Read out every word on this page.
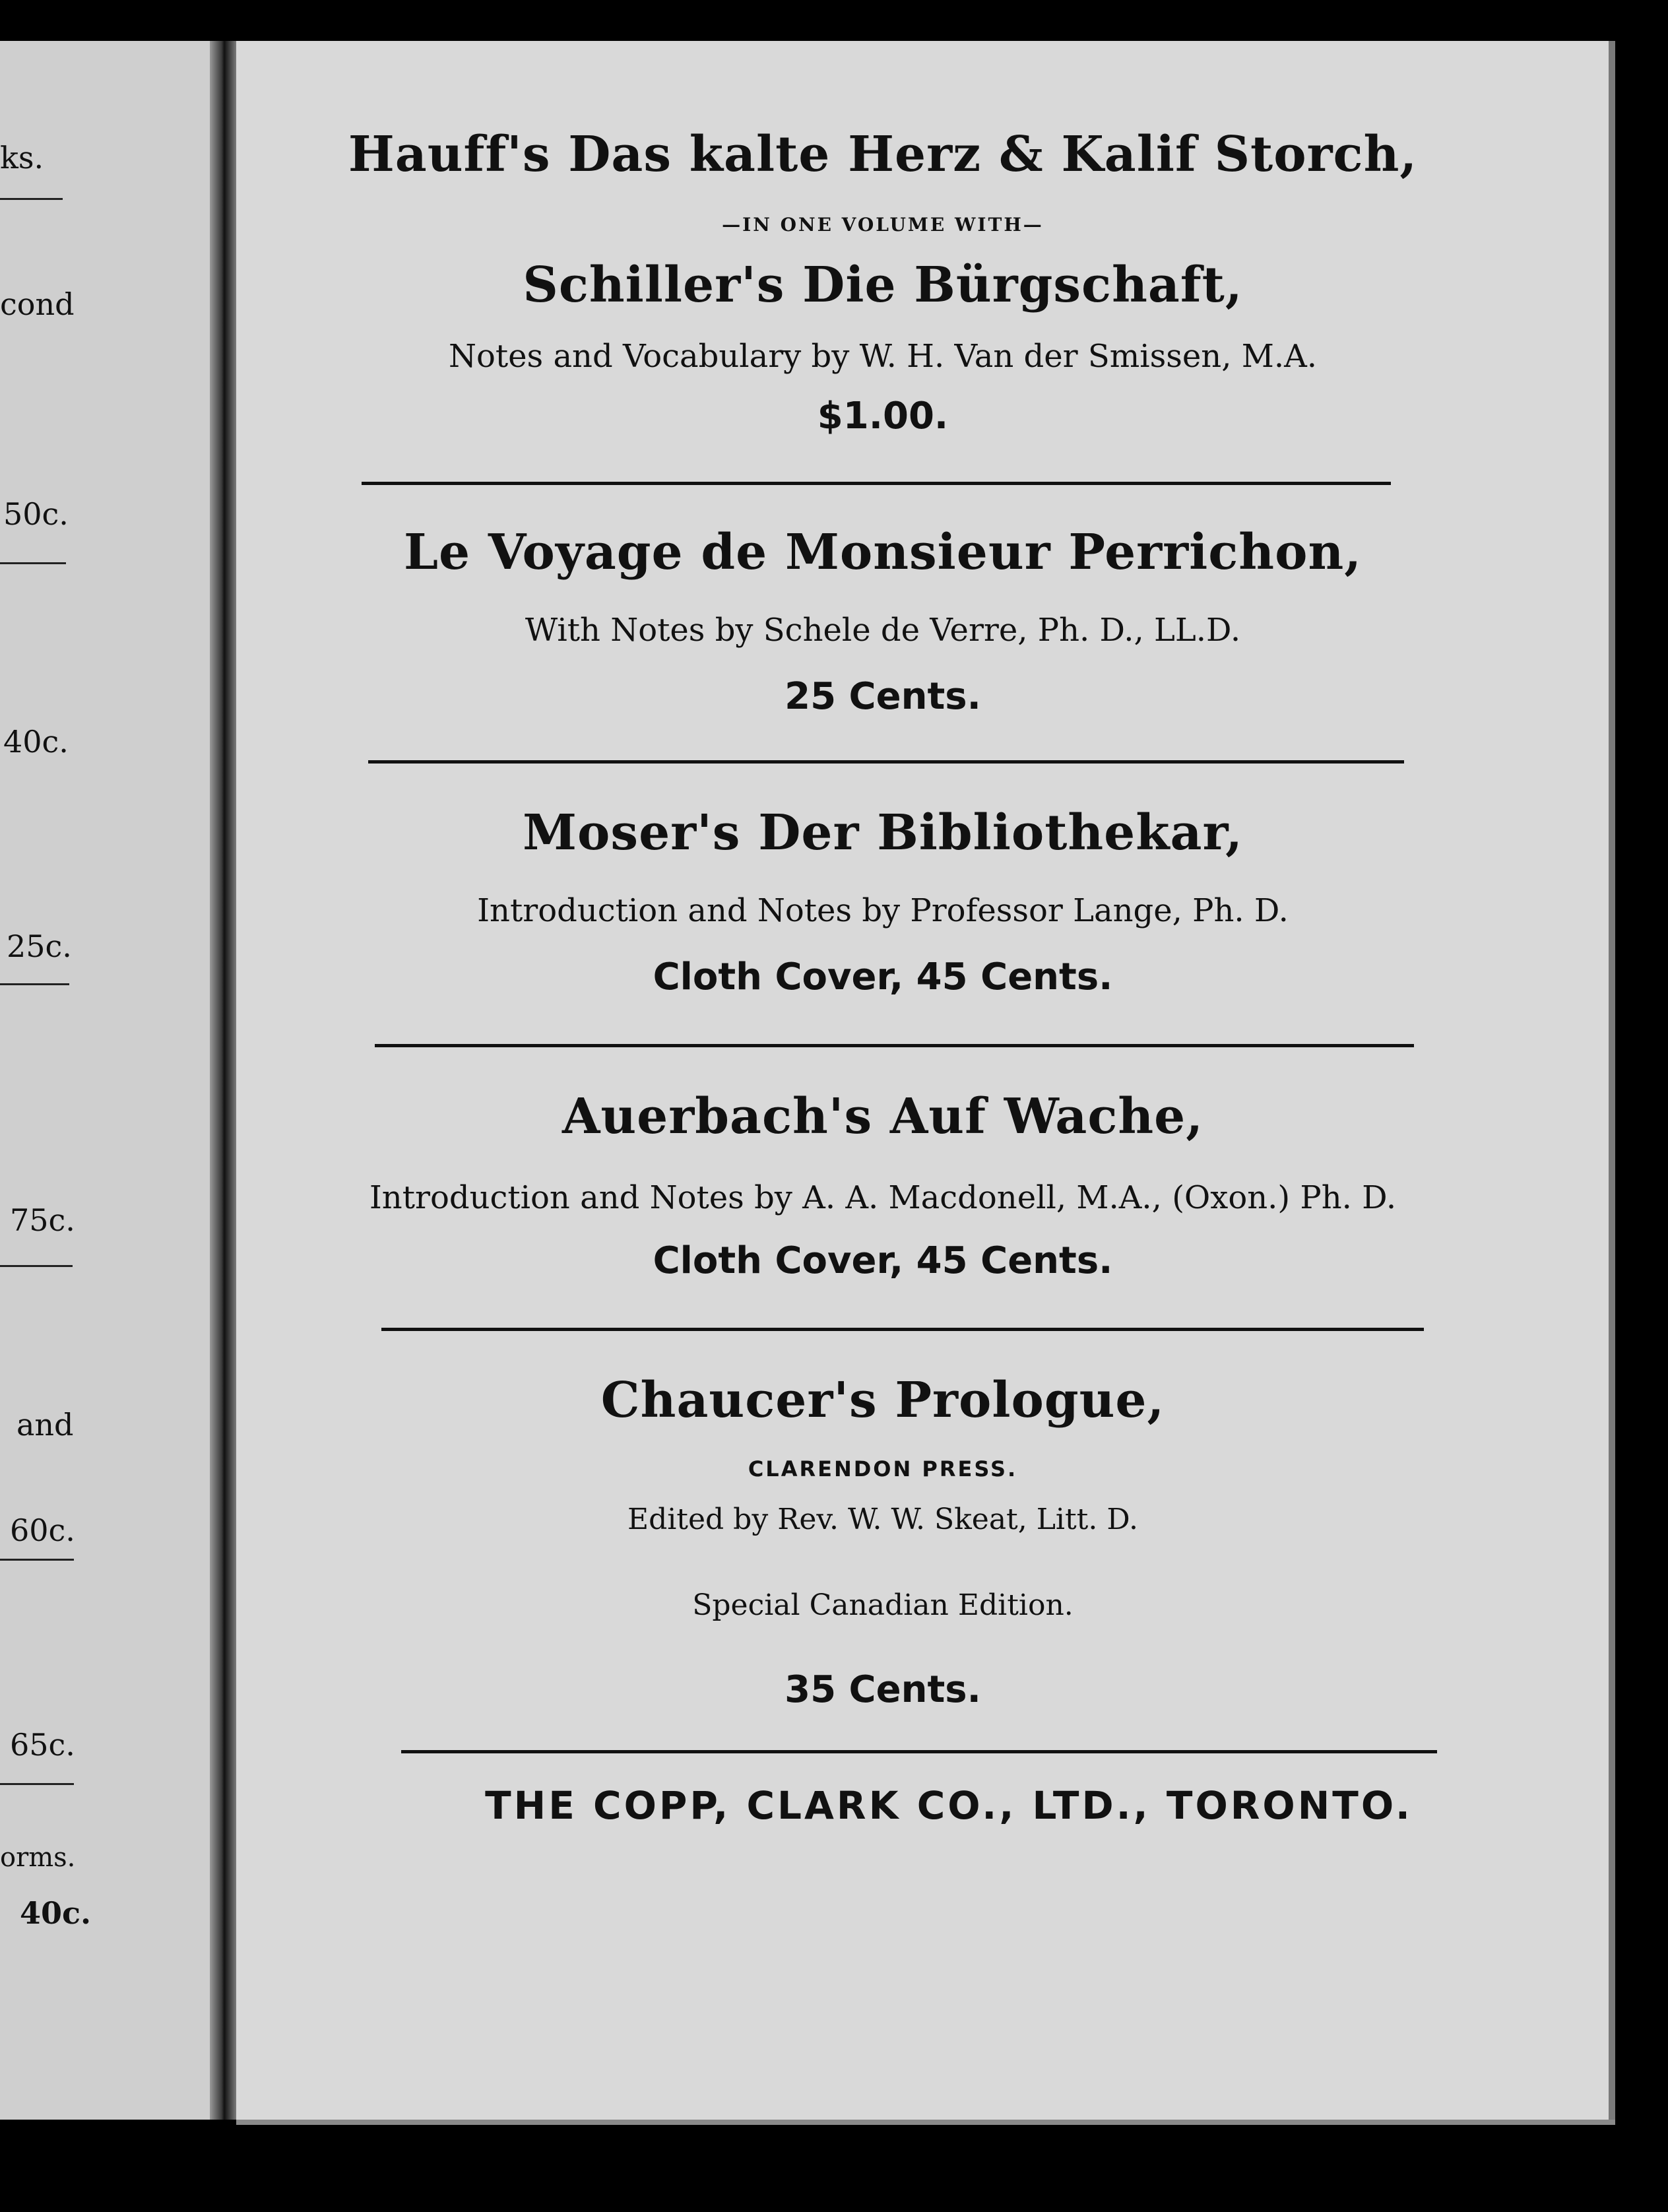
ks.
cond
50c.
40c.
25c.
75c.
and
60c.
65c.
orms.
40c.
Hauff's Das kalte Herz & Kalif Storch,
—IN ONE VOLUME WITH—
Schiller's Die Bürgschaft,
Notes and Vocabulary by W. H. Van der Smissen, M.A.
$1.00.
Le Voyage de Monsieur Perrichon,
With Notes by Schele de Verre, Ph. D., LL.D.
25 Cents.
Moser's Der Bibliothekar,
Introduction and Notes by Professor Lange, Ph. D.
Cloth Cover, 45 Cents.
Auerbach's Auf Wache,
Introduction and Notes by A. A. Macdonell, M.A., (Oxon.) Ph. D.
Cloth Cover, 45 Cents.
Chaucer's Prologue,
CLARENDON PRESS.
Edited by Rev. W. W. Skeat, Litt. D.
Special Canadian Edition.
35 Cents.
THE COPP, CLARK CO., LTD., TORONTO.
